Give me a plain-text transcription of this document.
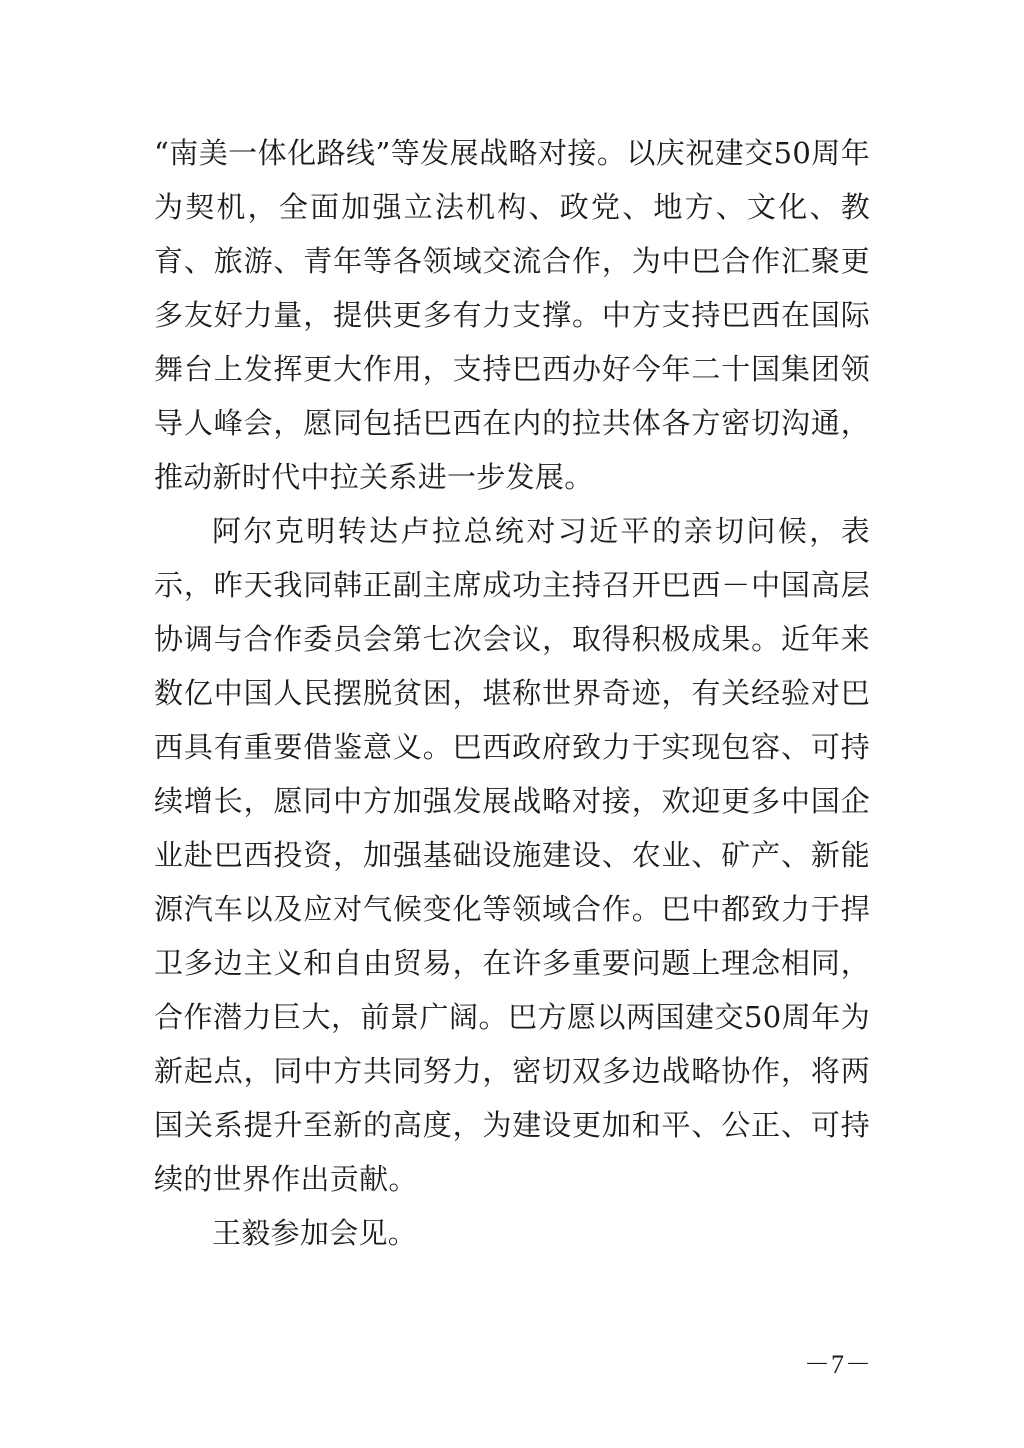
“南美一体化路线”等发展战略对接。以庆祝建交50周年为契机，全面加强立法机构、政党、地方、文化、教育、旅游、青年等各领域交流合作，为中巴合作汇聚更多友好力量，提供更多有力支撑。中方支持巴西在国际舞台上发挥更大作用，支持巴西办好今年二十国集团领导人峰会，愿同包括巴西在内的拉共体各方密切沟通，推动新时代中拉关系进一步发展。

阿尔克明转达卢拉总统对习近平的亲切问候，表示，昨天我同韩正副主席成功主持召开巴西－中国高层协调与合作委员会第七次会议，取得积极成果。近年来数亿中国人民摆脱贫困，堪称世界奇迹，有关经验对巴西具有重要借鉴意义。巴西政府致力于实现包容、可持续增长，愿同中方加强发展战略对接，欢迎更多中国企业赴巴西投资，加强基础设施建设、农业、矿产、新能源汽车以及应对气候变化等领域合作。巴中都致力于捍卫多边主义和自由贸易，在许多重要问题上理念相同，合作潜力巨大，前景广阔。巴方愿以两国建交50周年为新起点，同中方共同努力，密切双多边战略协作，将两国关系提升至新的高度，为建设更加和平、公正、可持续的世界作出贡献。

王毅参加会见。

－7－
